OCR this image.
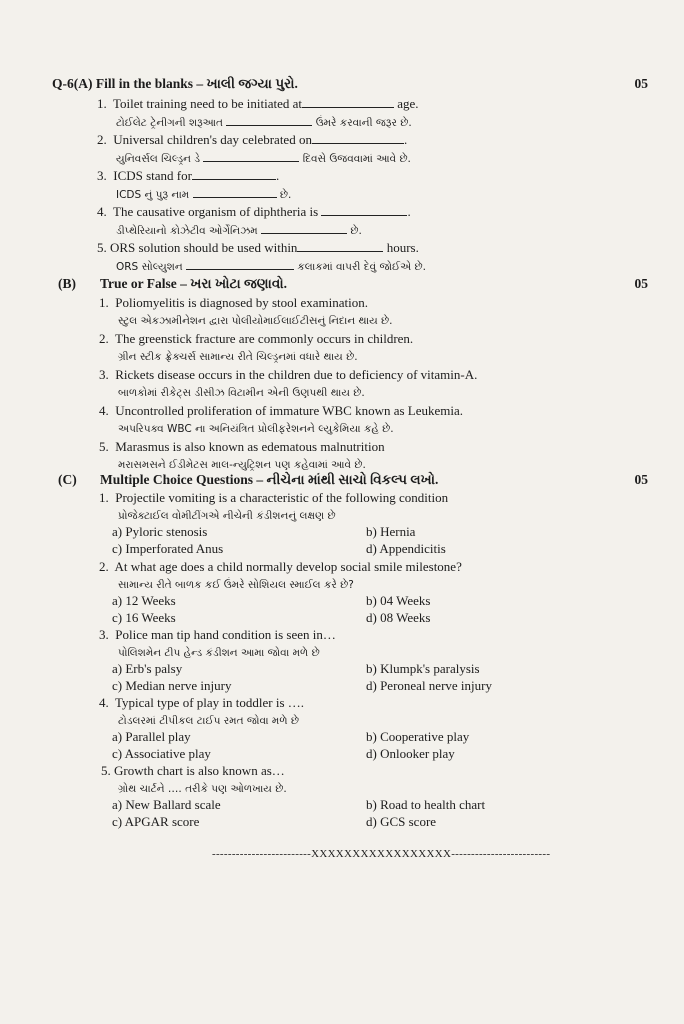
Q-6(A) Fill in the blanks – ખાલી જગ્યા પુરો.	05
1. Toilet training need to be initiated at	age.
ટોઈલેટ ટ્રેનીગની શરૂઆત	ઉંમરે કરવાની જરૂર છે.
2. Universal children's day celebrated on	.
યુનિવર્સલ ચિલ્ડ્રન ડે	દિવસે ઉજવવામાં આવે છે.
3. ICDS stand for	.
ICDS નું પુરૂ નામ	છે.
4. The causative organism of diphtheria is	.
ડીપ્થેરિયાનો કોઝેટીવ ઓર્ગેનિઝમ	છે.
5. ORS solution should be used within	hours.
ORS સોલ્યુશન	કલાકમાં વાપરી દેવું જોઈએ છે.
(B) True or False – ખરા ખોટા જણાવો.	05
1. Poliomyelitis is diagnosed by stool examination.
સ્ટુલ એકઝામીનેશન દ્વારા પોલીયોમાઈલાઈટીસનું નિદાન થાય છે.
2. The greenstick fracture are commonly occurs in children.
ગ્રીન સ્ટીક ફ્રેક્ચર્સ સામાન્ય રીતે ચિલ્ડ્રનમાં વધારે થાય છે.
3. Rickets disease occurs in the children due to deficiency of vitamin-A.
બાળકોમાં રીકેટ્સ ડીસીઝ વિટામીન એની ઉણપથી થાય છે.
4. Uncontrolled proliferation of immature WBC known as Leukemia.
અપરિપક્વ WBC ના અનિયંત્રિત પ્રોલીફરેશનને લ્યુકેમિયા કહે છે.
5. Marasmus is also known as edematous malnutrition
મરાસમસને ઈડીમેટસ માલ-ન્યુટ્રિશન પણ કહેવામાં આવે છે.
(C) Multiple Choice Questions – નીચેના માંથી સાચો વિકલ્પ લખો.	05
1. Projectile vomiting is a characteristic of the following condition
પ્રોજેક્ટાઈલ વોમીટીંગએ નીચેની કંડીશનનું લક્ષણ છે
a) Pyloric stenosis	b) Hernia
c) Imperforated Anus	d) Appendicitis
2. At what age does a child normally develop social smile milestone?
સામાન્ય રીતે બાળક કઈ ઉંમરે સોશિયલ સ્માઈલ કરે છે?
a) 12 Weeks	b) 04 Weeks
c) 16 Weeks	d) 08 Weeks
3. Police man tip hand condition is seen in…
પોલિશમેન ટીપ હેન્ડ કંડીશન આમા જોવા મળે છે
a) Erb's palsy	b) Klumpk's paralysis
c) Median nerve injury	d) Peroneal nerve injury
4. Typical type of play in toddler is ….
ટોડલરમાં ટીપીકલ ટાઈપ રમત જોવા મળે છે
a) Parallel play	b) Cooperative play
c) Associative play	d) Onlooker play
5. Growth chart is also known as…
ગ્રોથ ચાર્ટને …. તરીકે પણ ઓળખાય છે.
a) New Ballard scale	b) Road to health chart
c) APGAR score	d) GCS score
-------------------------XXXXXXXXXXXXXXXXX-------------------------
